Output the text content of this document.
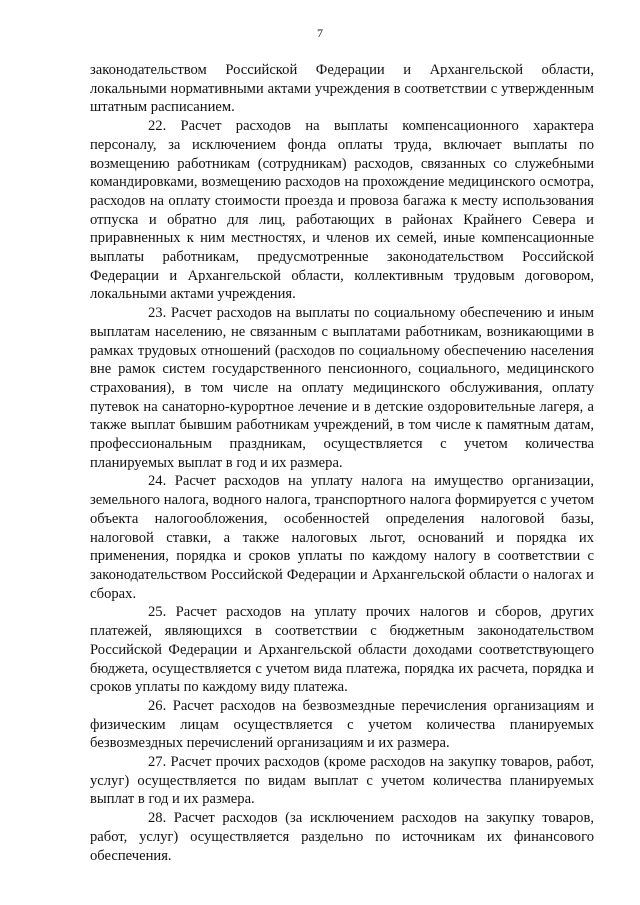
7

законодательством Российской Федерации и Архангельской области, локальными нормативными актами учреждения в соответствии с утвержденным штатным расписанием.

22. Расчет расходов на выплаты компенсационного характера персоналу, за исключением фонда оплаты труда, включает выплаты по возмещению работникам (сотрудникам) расходов, связанных со служебными командировками, возмещению расходов на прохождение медицинского осмотра, расходов на оплату стоимости проезда и провоза багажа к месту использования отпуска и обратно для лиц, работающих в районах Крайнего Севера и приравненных к ним местностях, и членов их семей, иные компенсационные выплаты работникам, предусмотренные законодательством Российской Федерации и Архангельской области, коллективным трудовым договором, локальными актами учреждения.

23. Расчет расходов на выплаты по социальному обеспечению и иным выплатам населению, не связанным с выплатами работникам, возникающими в рамках трудовых отношений (расходов по социальному обеспечению населения вне рамок систем государственного пенсионного, социального, медицинского страхования), в том числе на оплату медицинского обслуживания, оплату путевок на санаторно-курортное лечение и в детские оздоровительные лагеря, а также выплат бывшим работникам учреждений, в том числе к памятным датам, профессиональным праздникам, осуществляется с учетом количества планируемых выплат в год и их размера.

24. Расчет расходов на уплату налога на имущество организации, земельного налога, водного налога, транспортного налога формируется с учетом объекта налогообложения, особенностей определения налоговой базы, налоговой ставки, а также налоговых льгот, оснований и порядка их применения, порядка и сроков уплаты по каждому налогу в соответствии с законодательством Российской Федерации и Архангельской области о налогах и сборах.

25. Расчет расходов на уплату прочих налогов и сборов, других платежей, являющихся в соответствии с бюджетным законодательством Российской Федерации и Архангельской области доходами соответствующего бюджета, осуществляется с учетом вида платежа, порядка их расчета, порядка и сроков уплаты по каждому виду платежа.

26. Расчет расходов на безвозмездные перечисления организациям и физическим лицам осуществляется с учетом количества планируемых безвозмездных перечислений организациям и их размера.

27. Расчет прочих расходов (кроме расходов на закупку товаров, работ, услуг) осуществляется по видам выплат с учетом количества планируемых выплат в год и их размера.

28. Расчет расходов (за исключением расходов на закупку товаров, работ, услуг) осуществляется раздельно по источникам их финансового обеспечения.
